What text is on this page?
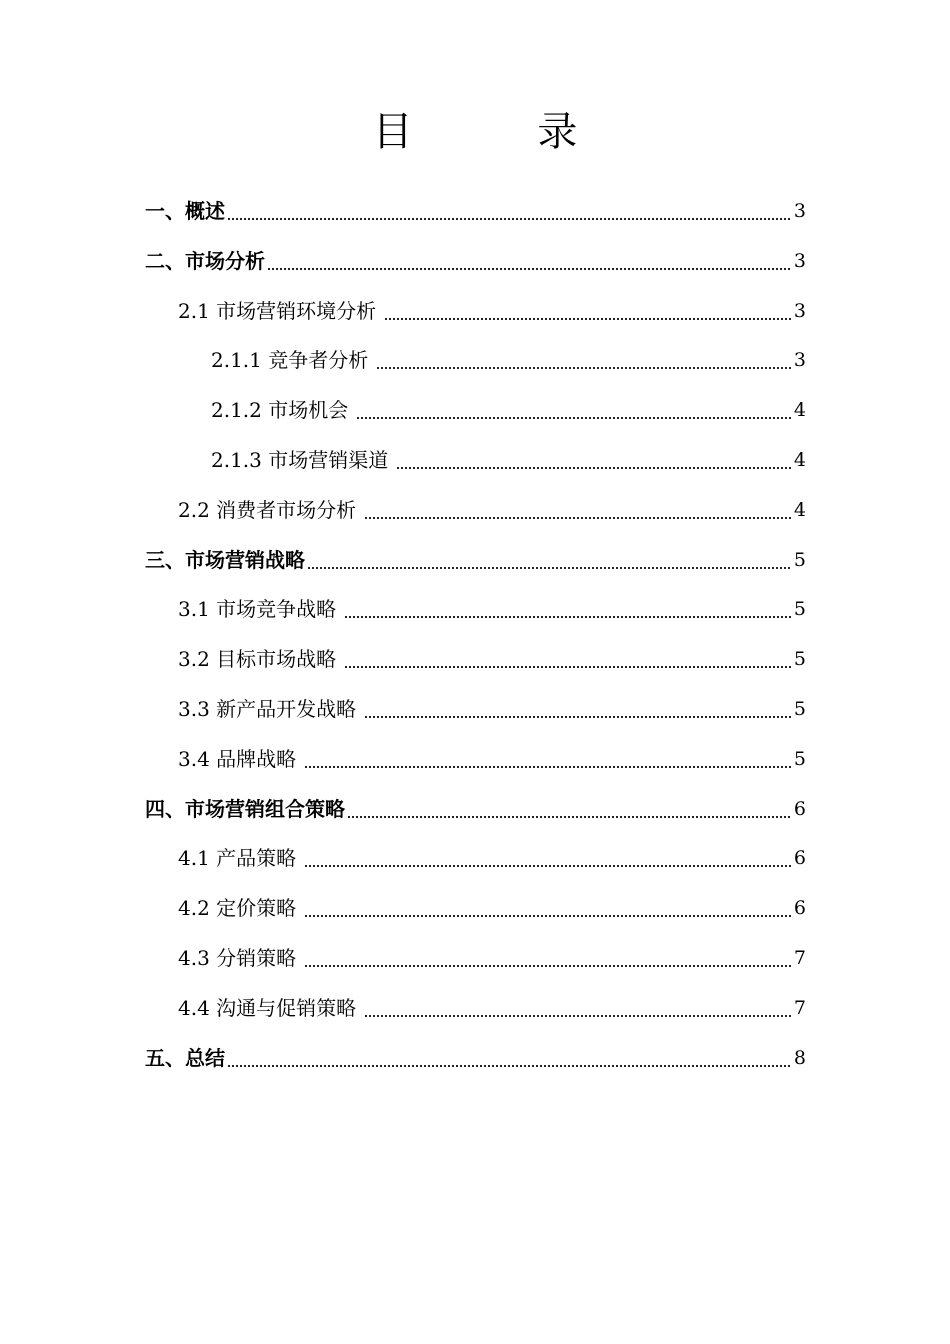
目 录
一、概述	3
二、市场分析	3
2.1 市场营销环境分析	3
2.1.1 竞争者分析	3
2.1.2 市场机会	4
2.1.3 市场营销渠道	4
2.2 消费者市场分析	4
三、市场营销战略	5
3.1 市场竞争战略	5
3.2 目标市场战略	5
3.3 新产品开发战略	5
3.4 品牌战略	5
四、市场营销组合策略	6
4.1 产品策略	6
4.2 定价策略	6
4.3 分销策略	7
4.4 沟通与促销策略	7
五、总结	8
